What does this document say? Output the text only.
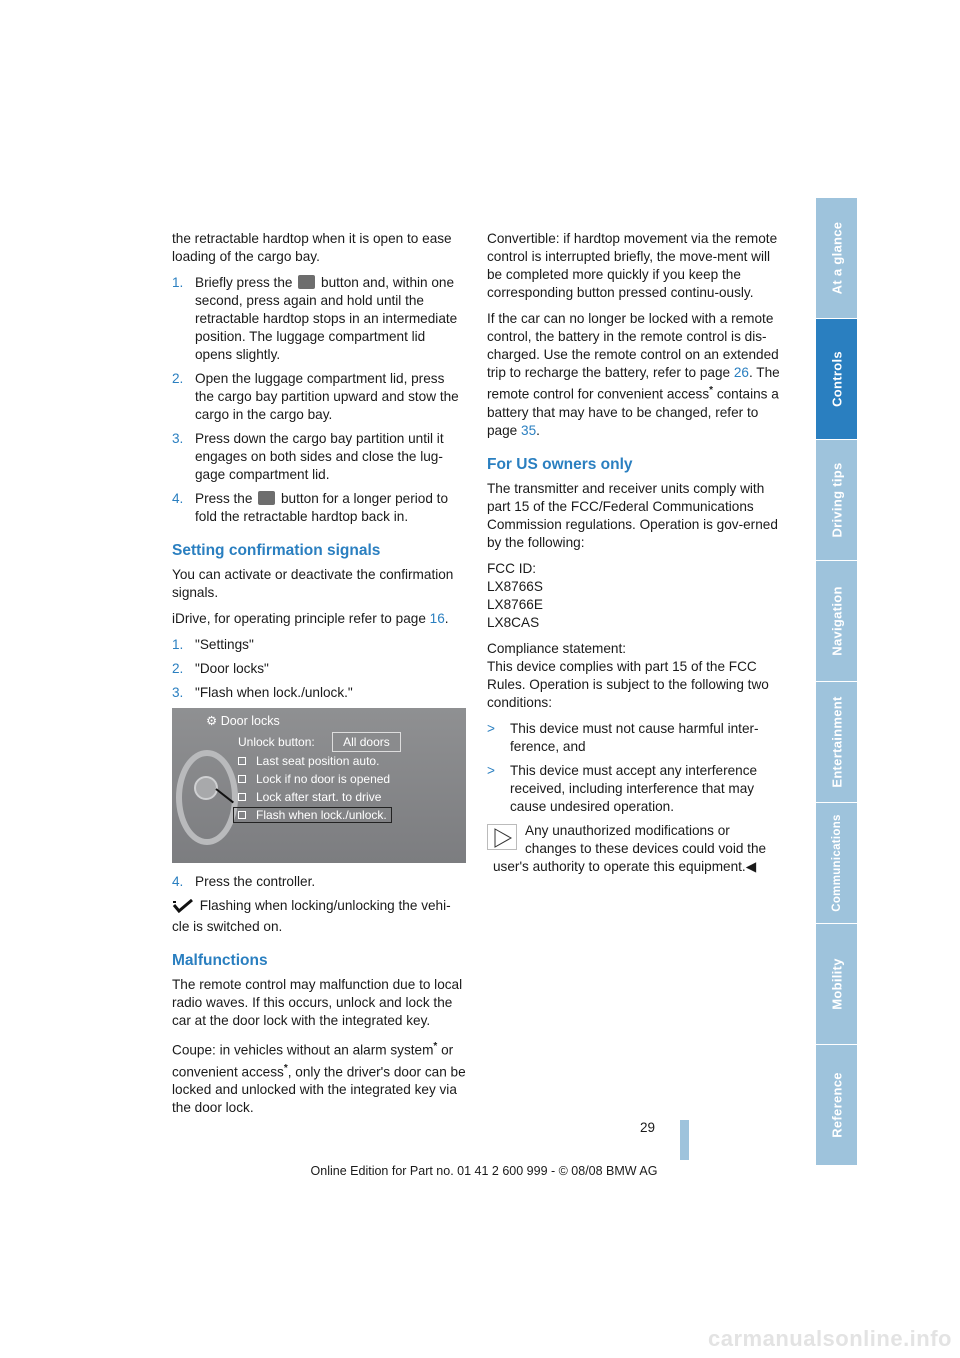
the retractable hardtop when it is open to ease loading of the cargo bay.

1. Briefly press the button and, within one second, press again and hold until the retractable hardtop stops in an intermediate position. The luggage compartment lid opens slightly.
2. Open the luggage compartment lid, press the cargo bay partition upward and stow the cargo in the cargo bay.
3. Press down the cargo bay partition until it engages on both sides and close the lug-gage compartment lid.
4. Press the button for a longer period to fold the retractable hardtop back in.
Setting confirmation signals

You can activate or deactivate the confirmation signals.

iDrive, for operating principle refer to page 16.

1. "Settings"
2. "Door locks"
3. "Flash when lock./unlock."
⚙ Door locks
Unlock button: All doors
Last seat position auto.
Lock if no door is opened
Lock after start. to drive
Flash when lock./unlock.
4. Press the controller.

Flashing when locking/unlocking the vehi-cle is switched on.

Malfunctions

The remote control may malfunction due to local radio waves. If this occurs, unlock and lock the car at the door lock with the integrated key.

Coupe: in vehicles without an alarm system* or convenient access*, only the driver's door can be locked and unlocked with the integrated key via the door lock.

Convertible: if hardtop movement via the remote control is interrupted briefly, the move-ment will be completed more quickly if you keep the corresponding button pressed continu-ously.

If the car can no longer be locked with a remote control, the battery in the remote control is dis-charged. Use the remote control on an extended trip to recharge the battery, refer to page 26. The remote control for convenient access* contains a battery that may have to be changed, refer to page 35.

For US owners only

The transmitter and receiver units comply with part 15 of the FCC/Federal Communications Commission regulations. Operation is gov-erned by the following:

FCC ID:
LX8766S
LX8766E
LX8CAS

Compliance statement:
This device complies with part 15 of the FCC Rules. Operation is subject to the following two conditions:

> This device must not cause harmful inter-ference, and
> This device must accept any interference received, including interference that may cause undesired operation.

Any unauthorized modifications or changes to these devices could void the user's authority to operate this equipment.◀

At a glance
Controls
Driving tips
Navigation
Entertainment
Communications
Mobility
Reference
29
Online Edition for Part no. 01 41 2 600 999 - © 08/08 BMW AG
carmanualsonline.info
